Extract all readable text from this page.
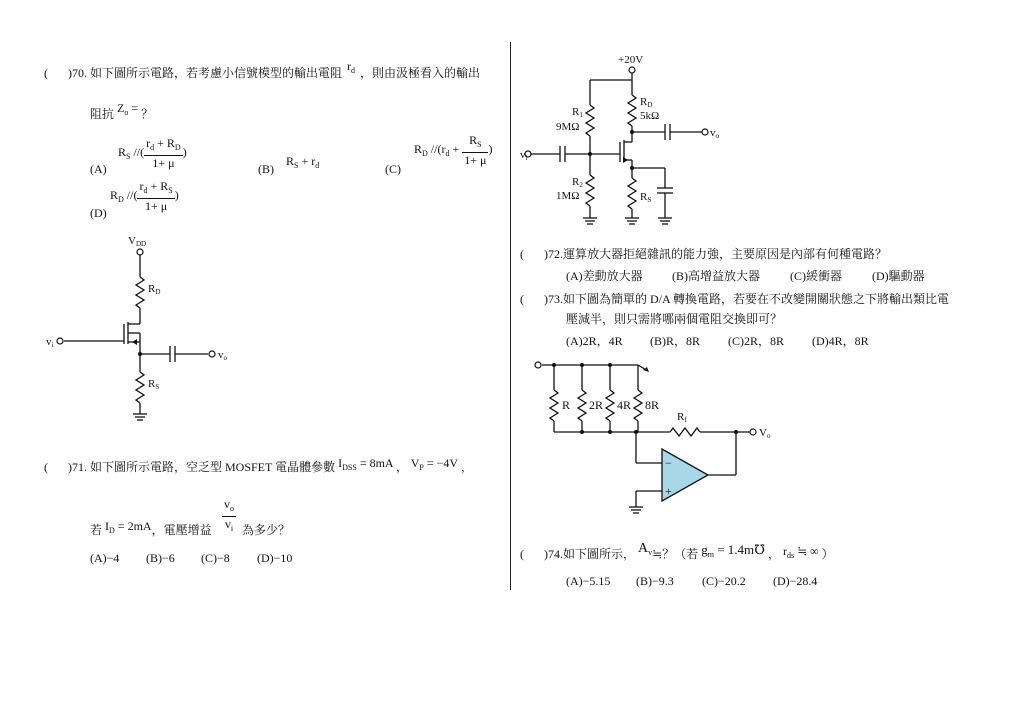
( )70. 如下圖所示電路，若考慮小信號模型的輸出電阻 $r_d$ ，則由汲極看入的輸出
阻抗 $Z_o$ = ？
(A)
$R_S$ //( $\frac{r_d + R_D}{1+ \mu}$ )
(B)
$R_S + r_d$	(C)
$R_D$ $//(r_d + \frac{R_S}{1+ \mu}$ )
(D)
$R_D$ //( $\frac{r_d + R_S}{1+ \mu}$ )
VDD
RD
RS
vi
vo
( )71. 如下圖所示電路，空乏型 MOSFET 電晶體參數 $I_{DSS} = 8mA$ ， $V_P = -4V$ ，
若 $I_D = 2mA$，電壓增益 $\frac{v_o}{v_i}$ 為多少？
(A)−4 (B)−6 (C)−8 (D)−10
+20V
R1
9MΩ
RD
5kΩ
R2
1MΩ	RS
vi
vo
( )72.運算放大器拒絕雜訊的能力強，主要原因是內部有何種電路？
(A)差動放大器 (B)高增益放大器	(C)緩衝器	(D)驅動器
( )73.如下圖為簡單的 D/A 轉換電路，若要在不改變開關狀態之下將輸出類比電
壓減半，則只需將哪兩個電阻交換即可？
(A)2R，4R (B)R，8R (C)2R，8R (D)4R，8R
R 2R 4R 8R
Rf
Vo
−
+
( )74.如下圖所示， $A_v≒$？（若 $g_m$ = 1.4m℧ ， $r_{ds}$ ≒ ∞ ）
(A)−5.15 (B)−9.3 (C)−20.2 (D)−28.4
